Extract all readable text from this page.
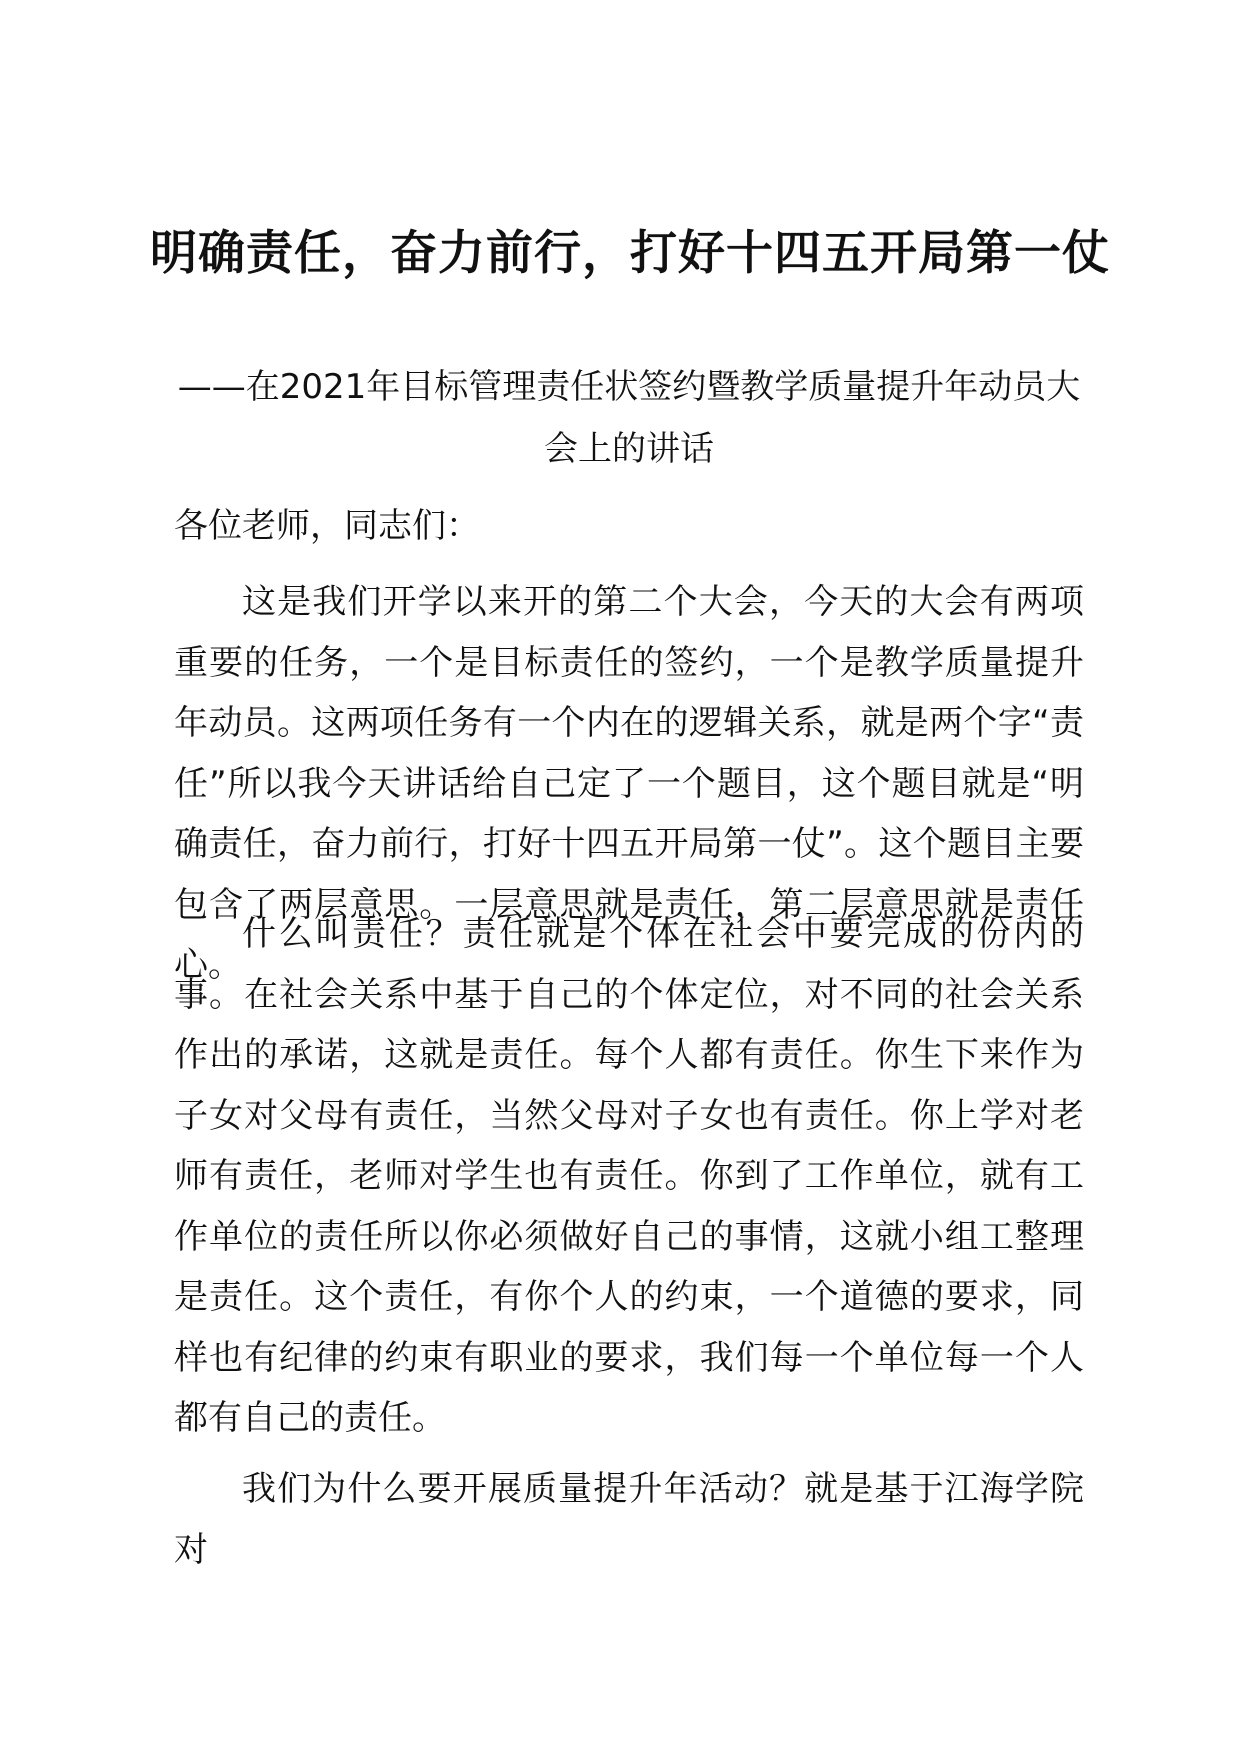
明确责任，奋力前行，打好十四五开局第一仗

——在2021年目标管理责任状签约暨教学质量提升年动员大会上的讲话

各位老师，同志们：

这是我们开学以来开的第二个大会，今天的大会有两项重要的任务，一个是目标责任的签约，一个是教学质量提升年动员。这两项任务有一个内在的逻辑关系，就是两个字“责任”所以我今天讲话给自己定了一个题目，这个题目就是“明确责任，奋力前行，打好十四五开局第一仗”。这个题目主要包含了两层意思。一层意思就是责任，第二层意思就是责任心。

什么叫责任？责任就是个体在社会中要完成的份内的事。在社会关系中基于自己的个体定位，对不同的社会关系作出的承诺，这就是责任。每个人都有责任。你生下来作为子女对父母有责任，当然父母对子女也有责任。你上学对老师有责任，老师对学生也有责任。你到了工作单位，就有工作单位的责任所以你必须做好自己的事情，这就小组工整理是责任。这个责任，有你个人的约束，一个道德的要求，同样也有纪律的约束有职业的要求，我们每一个单位每一个人都有自己的责任。

我们为什么要开展质量提升年活动？就是基于江海学院对
